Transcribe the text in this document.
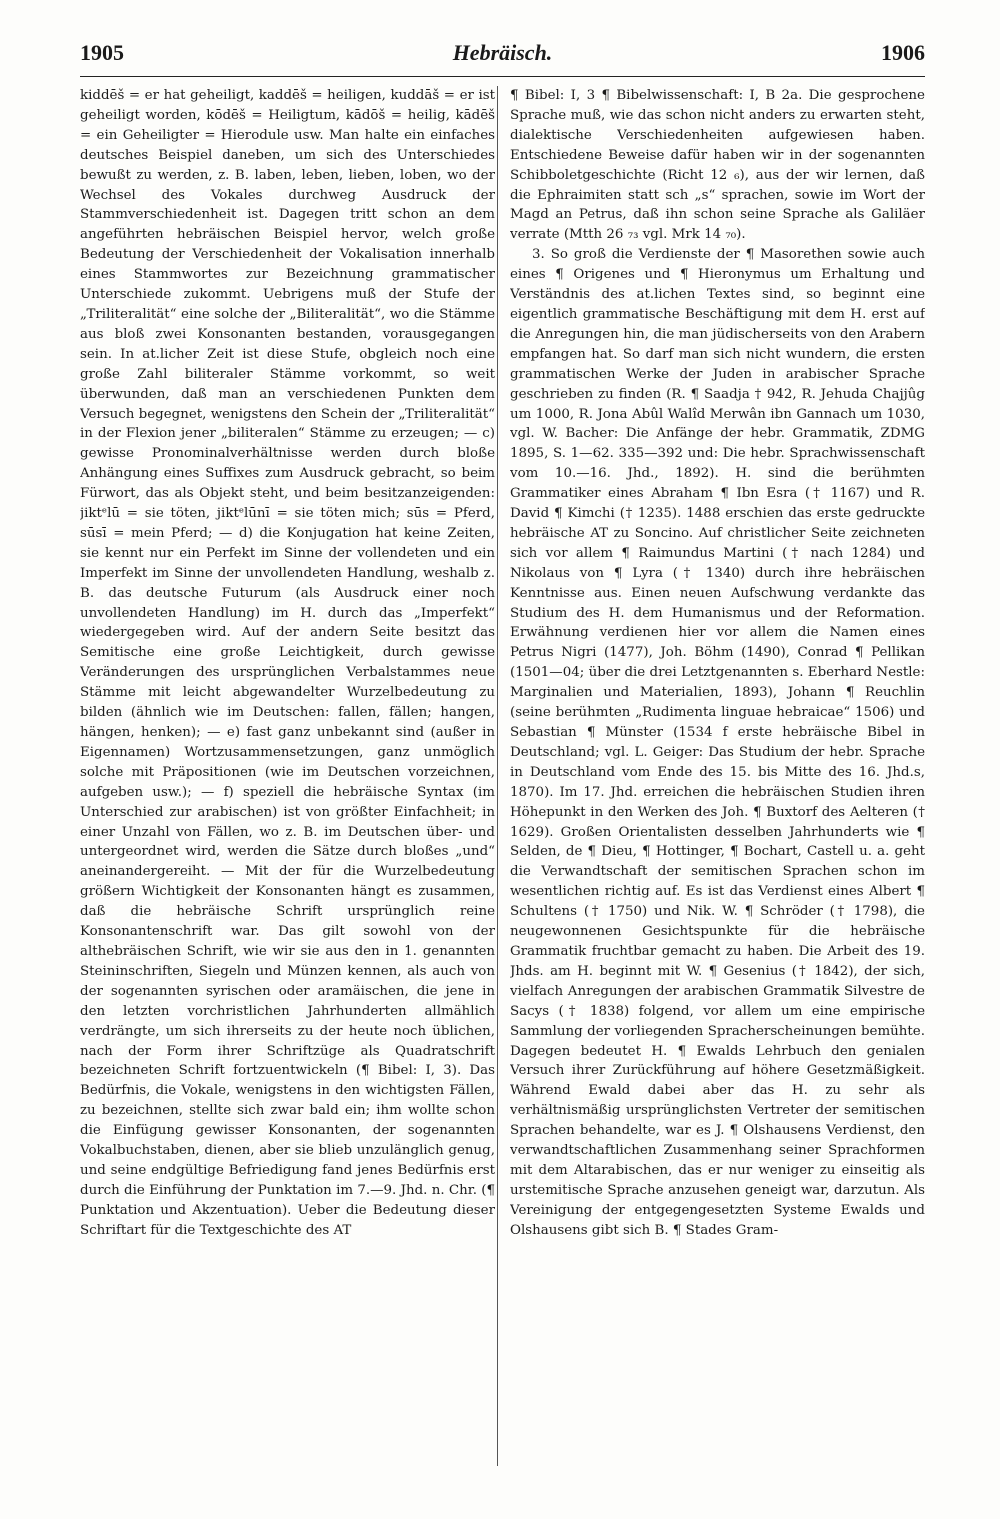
1905	Hebräisch.	1906

kiddēš = er hat geheiligt, kaddēš = heiligen, kuddāš = er ist geheiligt worden, kōdēš = Heiligtum, kādōš = heilig, kādēš = ein Geheiligter = Hierodule usw. Man halte ein einfaches deutsches Beispiel daneben, um sich des Unterschiedes bewußt zu werden, z. B. laben, leben, lieben, loben, wo der Wechsel des Vokales durchweg Ausdruck der Stammverschiedenheit ist. Dagegen tritt schon an dem angeführten hebräischen Beispiel hervor, welch große Bedeutung der Verschiedenheit der Vokalisation innerhalb eines Stammwortes zur Bezeichnung grammatischer Unterschiede zukommt. Uebrigens muß der Stufe der „Triliteralität“ eine solche der „Biliteralität“, wo die Stämme aus bloß zwei Konsonanten bestanden, vorausgegangen sein. In at.licher Zeit ist diese Stufe, obgleich noch eine große Zahl biliteraler Stämme vorkommt, so weit überwunden, daß man an verschiedenen Punkten dem Versuch begegnet, wenigstens den Schein der „Triliteralität“ in der Flexion jener „biliteralen“ Stämme zu erzeugen; — c) gewisse Pronominalverhältnisse werden durch bloße Anhängung eines Suffixes zum Ausdruck gebracht, so beim Fürwort, das als Objekt steht, und beim besitzanzeigenden: jiktᵉlū = sie töten, jiktᵉlūnī = sie töten mich; sūs = Pferd, sūsī = mein Pferd; — d) die Konjugation hat keine Zeiten, sie kennt nur ein Perfekt im Sinne der vollendeten und ein Imperfekt im Sinne der unvollendeten Handlung, weshalb z. B. das deutsche Futurum (als Ausdruck einer noch unvollendeten Handlung) im H. durch das „Imperfekt“ wiedergegeben wird. Auf der andern Seite besitzt das Semitische eine große Leichtigkeit, durch gewisse Veränderungen des ursprünglichen Verbalstammes neue Stämme mit leicht abgewandelter Wurzelbedeutung zu bilden (ähnlich wie im Deutschen: fallen, fällen; hangen, hängen, henken); — e) fast ganz unbekannt sind (außer in Eigennamen) Wortzusammensetzungen, ganz unmöglich solche mit Präpositionen (wie im Deutschen vorzeichnen, aufgeben usw.); — f) speziell die hebräische Syntax (im Unterschied zur arabischen) ist von größter Einfachheit; in einer Unzahl von Fällen, wo z. B. im Deutschen über- und untergeordnet wird, werden die Sätze durch bloßes „und“ aneinandergereiht. — Mit der für die Wurzelbedeutung größern Wichtigkeit der Konsonanten hängt es zusammen, daß die hebräische Schrift ursprünglich reine Konsonantenschrift war. Das gilt sowohl von der althebräischen Schrift, wie wir sie aus den in 1. genannten Steininschriften, Siegeln und Münzen kennen, als auch von der sogenannten syrischen oder aramäischen, die jene in den letzten vorchristlichen Jahrhunderten allmählich verdrängte, um sich ihrerseits zu der heute noch üblichen, nach der Form ihrer Schriftzüge als Quadratschrift bezeichneten Schrift fortzuentwickeln (¶ Bibel: I, 3). Das Bedürfnis, die Vokale, wenigstens in den wichtigsten Fällen, zu bezeichnen, stellte sich zwar bald ein; ihm wollte schon die Einfügung gewisser Konsonanten, der sogenannten Vokalbuchstaben, dienen, aber sie blieb unzulänglich genug, und seine endgültige Befriedigung fand jenes Bedürfnis erst durch die Einführung der Punktation im 7.—9. Jhd. n. Chr. (¶ Punktation und Akzentuation). Ueber die Bedeutung dieser Schriftart für die Textgeschichte des AT

¶ Bibel: I, 3 ¶ Bibelwissenschaft: I, B 2a. Die gesprochene Sprache muß, wie das schon nicht anders zu erwarten steht, dialektische Verschiedenheiten aufgewiesen haben. Entschiedene Beweise dafür haben wir in der sogenannten Schibboletgeschichte (Richt 12 ₆), aus der wir lernen, daß die Ephraimiten statt sch „s“ sprachen, sowie im Wort der Magd an Petrus, daß ihn schon seine Sprache als Galiläer verrate (Mtth 26 ₇₃ vgl. Mrk 14 ₇₀).

3. So groß die Verdienste der ¶ Masorethen sowie auch eines ¶ Origenes und ¶ Hieronymus um Erhaltung und Verständnis des at.lichen Textes sind, so beginnt eine eigentlich grammatische Beschäftigung mit dem H. erst auf die Anregungen hin, die man jüdischerseits von den Arabern empfangen hat. So darf man sich nicht wundern, die ersten grammatischen Werke der Juden in arabischer Sprache geschrieben zu finden (R. ¶ Saadja † 942, R. Jehuda Chajjûg um 1000, R. Jona Abûl Walîd Merwân ibn Gannach um 1030, vgl. W. Bacher: Die Anfänge der hebr. Grammatik, ZDMG 1895, S. 1—62. 335—392 und: Die hebr. Sprachwissenschaft vom 10.—16. Jhd., 1892). H. sind die berühmten Grammatiker eines Abraham ¶ Ibn Esra († 1167) und R. David ¶ Kimchi († 1235). 1488 erschien das erste gedruckte hebräische AT zu Soncino. Auf christlicher Seite zeichneten sich vor allem ¶ Raimundus Martini († nach 1284) und Nikolaus von ¶ Lyra († 1340) durch ihre hebräischen Kenntnisse aus. Einen neuen Aufschwung verdankte das Studium des H. dem Humanismus und der Reformation. Erwähnung verdienen hier vor allem die Namen eines Petrus Nigri (1477), Joh. Böhm (1490), Conrad ¶ Pellikan (1501—04; über die drei Letztgenannten s. Eberhard Nestle: Marginalien und Materialien, 1893), Johann ¶ Reuchlin (seine berühmten „Rudimenta linguae hebraicae“ 1506) und Sebastian ¶ Münster (1534 f erste hebräische Bibel in Deutschland; vgl. L. Geiger: Das Studium der hebr. Sprache in Deutschland vom Ende des 15. bis Mitte des 16. Jhd.s, 1870). Im 17. Jhd. erreichen die hebräischen Studien ihren Höhepunkt in den Werken des Joh. ¶ Buxtorf des Aelteren († 1629). Großen Orientalisten desselben Jahrhunderts wie ¶ Selden, de ¶ Dieu, ¶ Hottinger, ¶ Bochart, Castell u. a. geht die Verwandtschaft der semitischen Sprachen schon im wesentlichen richtig auf. Es ist das Verdienst eines Albert ¶ Schultens († 1750) und Nik. W. ¶ Schröder († 1798), die neugewonnenen Gesichtspunkte für die hebräische Grammatik fruchtbar gemacht zu haben. Die Arbeit des 19. Jhds. am H. beginnt mit W. ¶ Gesenius († 1842), der sich, vielfach Anregungen der arabischen Grammatik Silvestre de Sacys († 1838) folgend, vor allem um eine empirische Sammlung der vorliegenden Spracherscheinungen bemühte. Dagegen bedeutet H. ¶ Ewalds Lehrbuch den genialen Versuch ihrer Zurückführung auf höhere Gesetzmäßigkeit. Während Ewald dabei aber das H. zu sehr als verhältnismäßig ursprünglichsten Vertreter der semitischen Sprachen behandelte, war es J. ¶ Olshausens Verdienst, den verwandtschaftlichen Zusammenhang seiner Sprachformen mit dem Altarabischen, das er nur weniger zu einseitig als urstemitische Sprache anzusehen geneigt war, darzutun. Als Vereinigung der entgegengesetzten Systeme Ewalds und Olshausens gibt sich B. ¶ Stades Gram-
